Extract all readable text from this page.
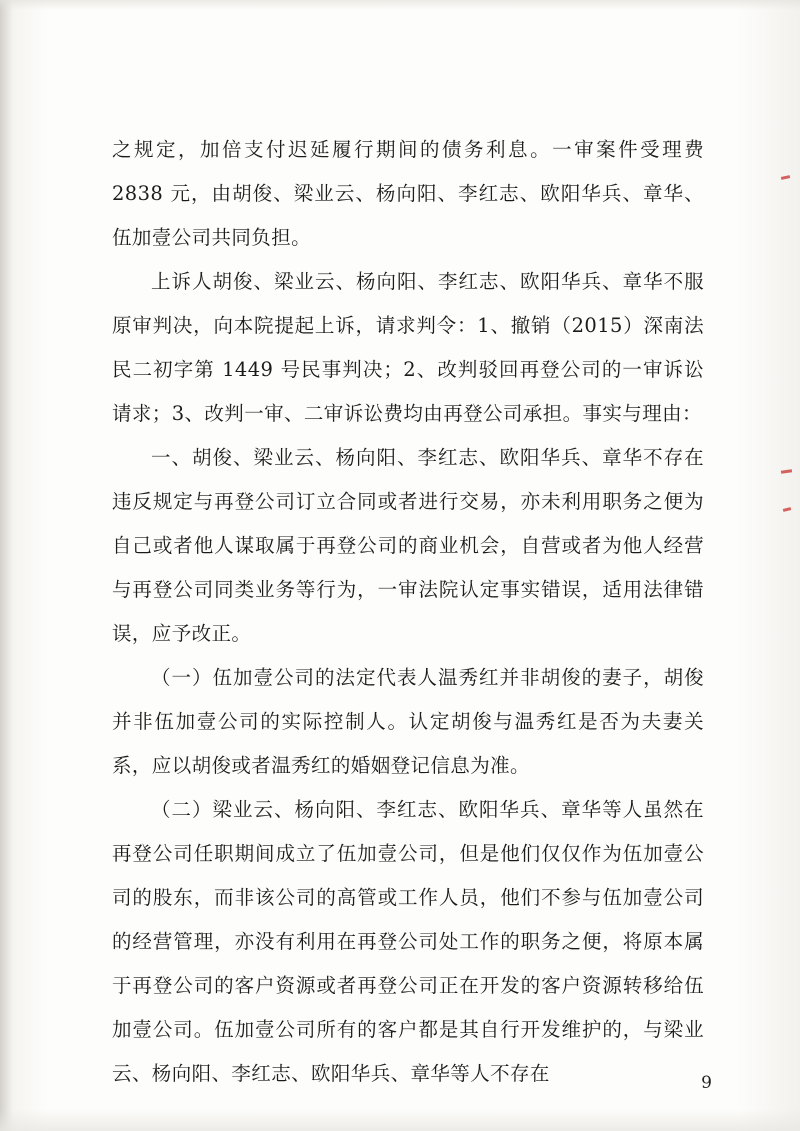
之规定，加倍支付迟延履行期间的债务利息。一审案件受理费 2838 元，由胡俊、梁业云、杨向阳、李红志、欧阳华兵、章华、伍加壹公司共同负担。

上诉人胡俊、梁业云、杨向阳、李红志、欧阳华兵、章华不服原审判决，向本院提起上诉，请求判令：1、撤销（2015）深南法民二初字第 1449 号民事判决；2、改判驳回再登公司的一审诉讼请求；3、改判一审、二审诉讼费均由再登公司承担。事实与理由：

一、胡俊、梁业云、杨向阳、李红志、欧阳华兵、章华不存在违反规定与再登公司订立合同或者进行交易，亦未利用职务之便为自己或者他人谋取属于再登公司的商业机会，自营或者为他人经营与再登公司同类业务等行为，一审法院认定事实错误，适用法律错误，应予改正。

（一）伍加壹公司的法定代表人温秀红并非胡俊的妻子，胡俊并非伍加壹公司的实际控制人。认定胡俊与温秀红是否为夫妻关系，应以胡俊或者温秀红的婚姻登记信息为准。

（二）梁业云、杨向阳、李红志、欧阳华兵、章华等人虽然在再登公司任职期间成立了伍加壹公司，但是他们仅仅作为伍加壹公司的股东，而非该公司的高管或工作人员，他们不参与伍加壹公司的经营管理，亦没有利用在再登公司处工作的职务之便，将原本属于再登公司的客户资源或者再登公司正在开发的客户资源转移给伍加壹公司。伍加壹公司所有的客户都是其自行开发维护的，与梁业云、杨向阳、李红志、欧阳华兵、章华等人不存在	9
